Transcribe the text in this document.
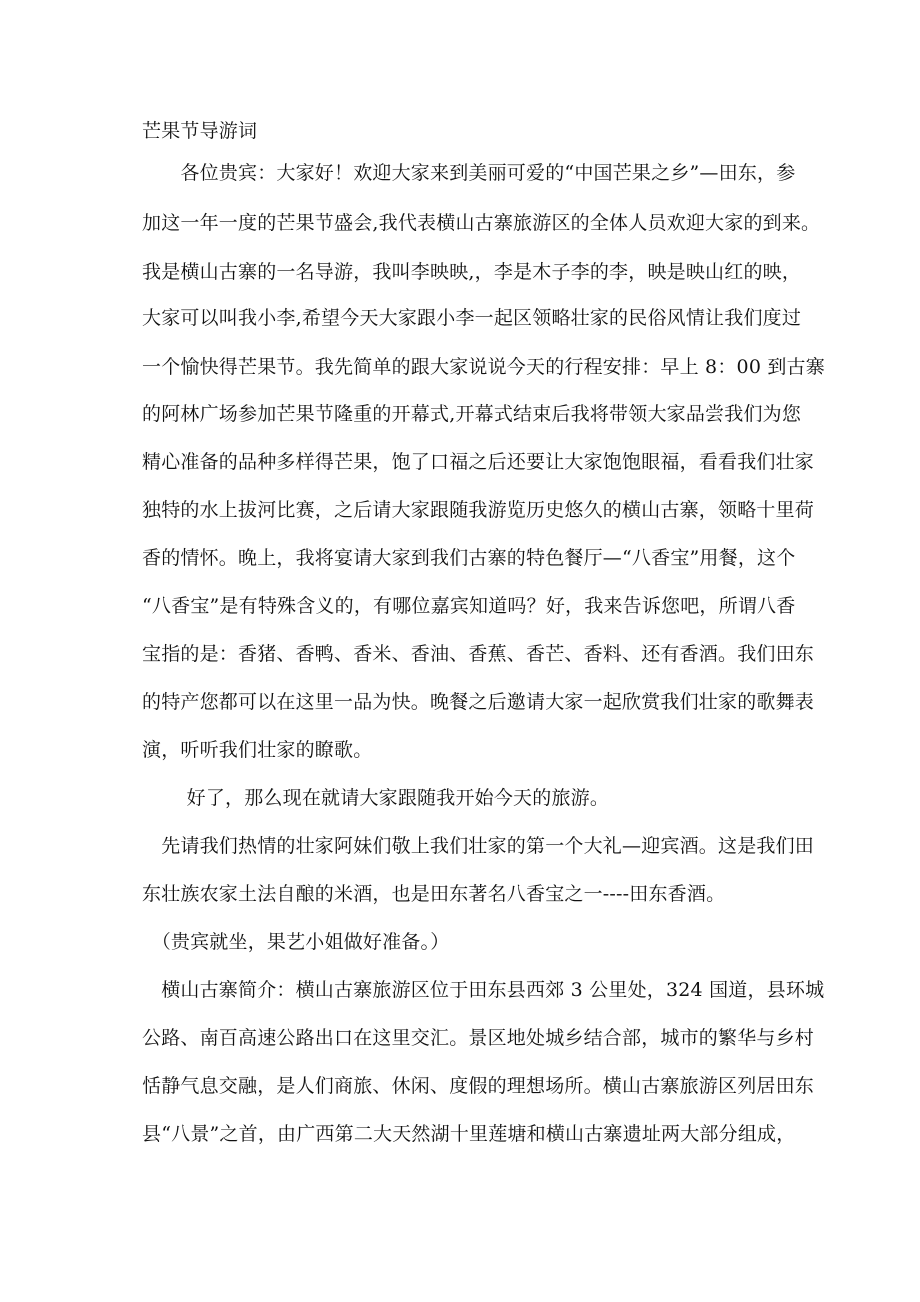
芒果节导游词

　　各位贵宾：大家好！欢迎大家来到美丽可爱的“中国芒果之乡”—田东，参

加这一年一度的芒果节盛会,我代表横山古寨旅游区的全体人员欢迎大家的到来。

我是横山古寨的一名导游，我叫李映映,，李是木子李的李，映是映山红的映，

大家可以叫我小李,希望今天大家跟小李一起区领略壮家的民俗风情让我们度过

一个愉快得芒果节。我先简单的跟大家说说今天的行程安排：早上 8：00 到古寨

的阿林广场参加芒果节隆重的开幕式,开幕式结束后我将带领大家品尝我们为您

精心准备的品种多样得芒果，饱了口福之后还要让大家饱饱眼福，看看我们壮家

独特的水上拔河比赛，之后请大家跟随我游览历史悠久的横山古寨，领略十里荷

香的情怀。晚上，我将宴请大家到我们古寨的特色餐厅—“八香宝”用餐，这个

“八香宝”是有特殊含义的，有哪位嘉宾知道吗？好，我来告诉您吧，所谓八香

宝指的是：香猪、香鸭、香米、香油、香蕉、香芒、香料、还有香酒。我们田东

的特产您都可以在这里一品为快。晚餐之后邀请大家一起欣赏我们壮家的歌舞表

演，听听我们壮家的瞭歌。

　　 好了，那么现在就请大家跟随我开始今天的旅游。

　先请我们热情的壮家阿妹们敬上我们壮家的第一个大礼—迎宾酒。这是我们田

东壮族农家土法自酿的米酒，也是田东著名八香宝之一----田东香酒。

　（贵宾就坐，果艺小姐做好准备。）

　横山古寨简介：横山古寨旅游区位于田东县西郊 3 公里处，324 国道，县环城

公路、南百高速公路出口在这里交汇。景区地处城乡结合部，城市的繁华与乡村

恬静气息交融，是人们商旅、休闲、度假的理想场所。横山古寨旅游区列居田东

县“八景”之首，由广西第二大天然湖十里莲塘和横山古寨遗址两大部分组成，
